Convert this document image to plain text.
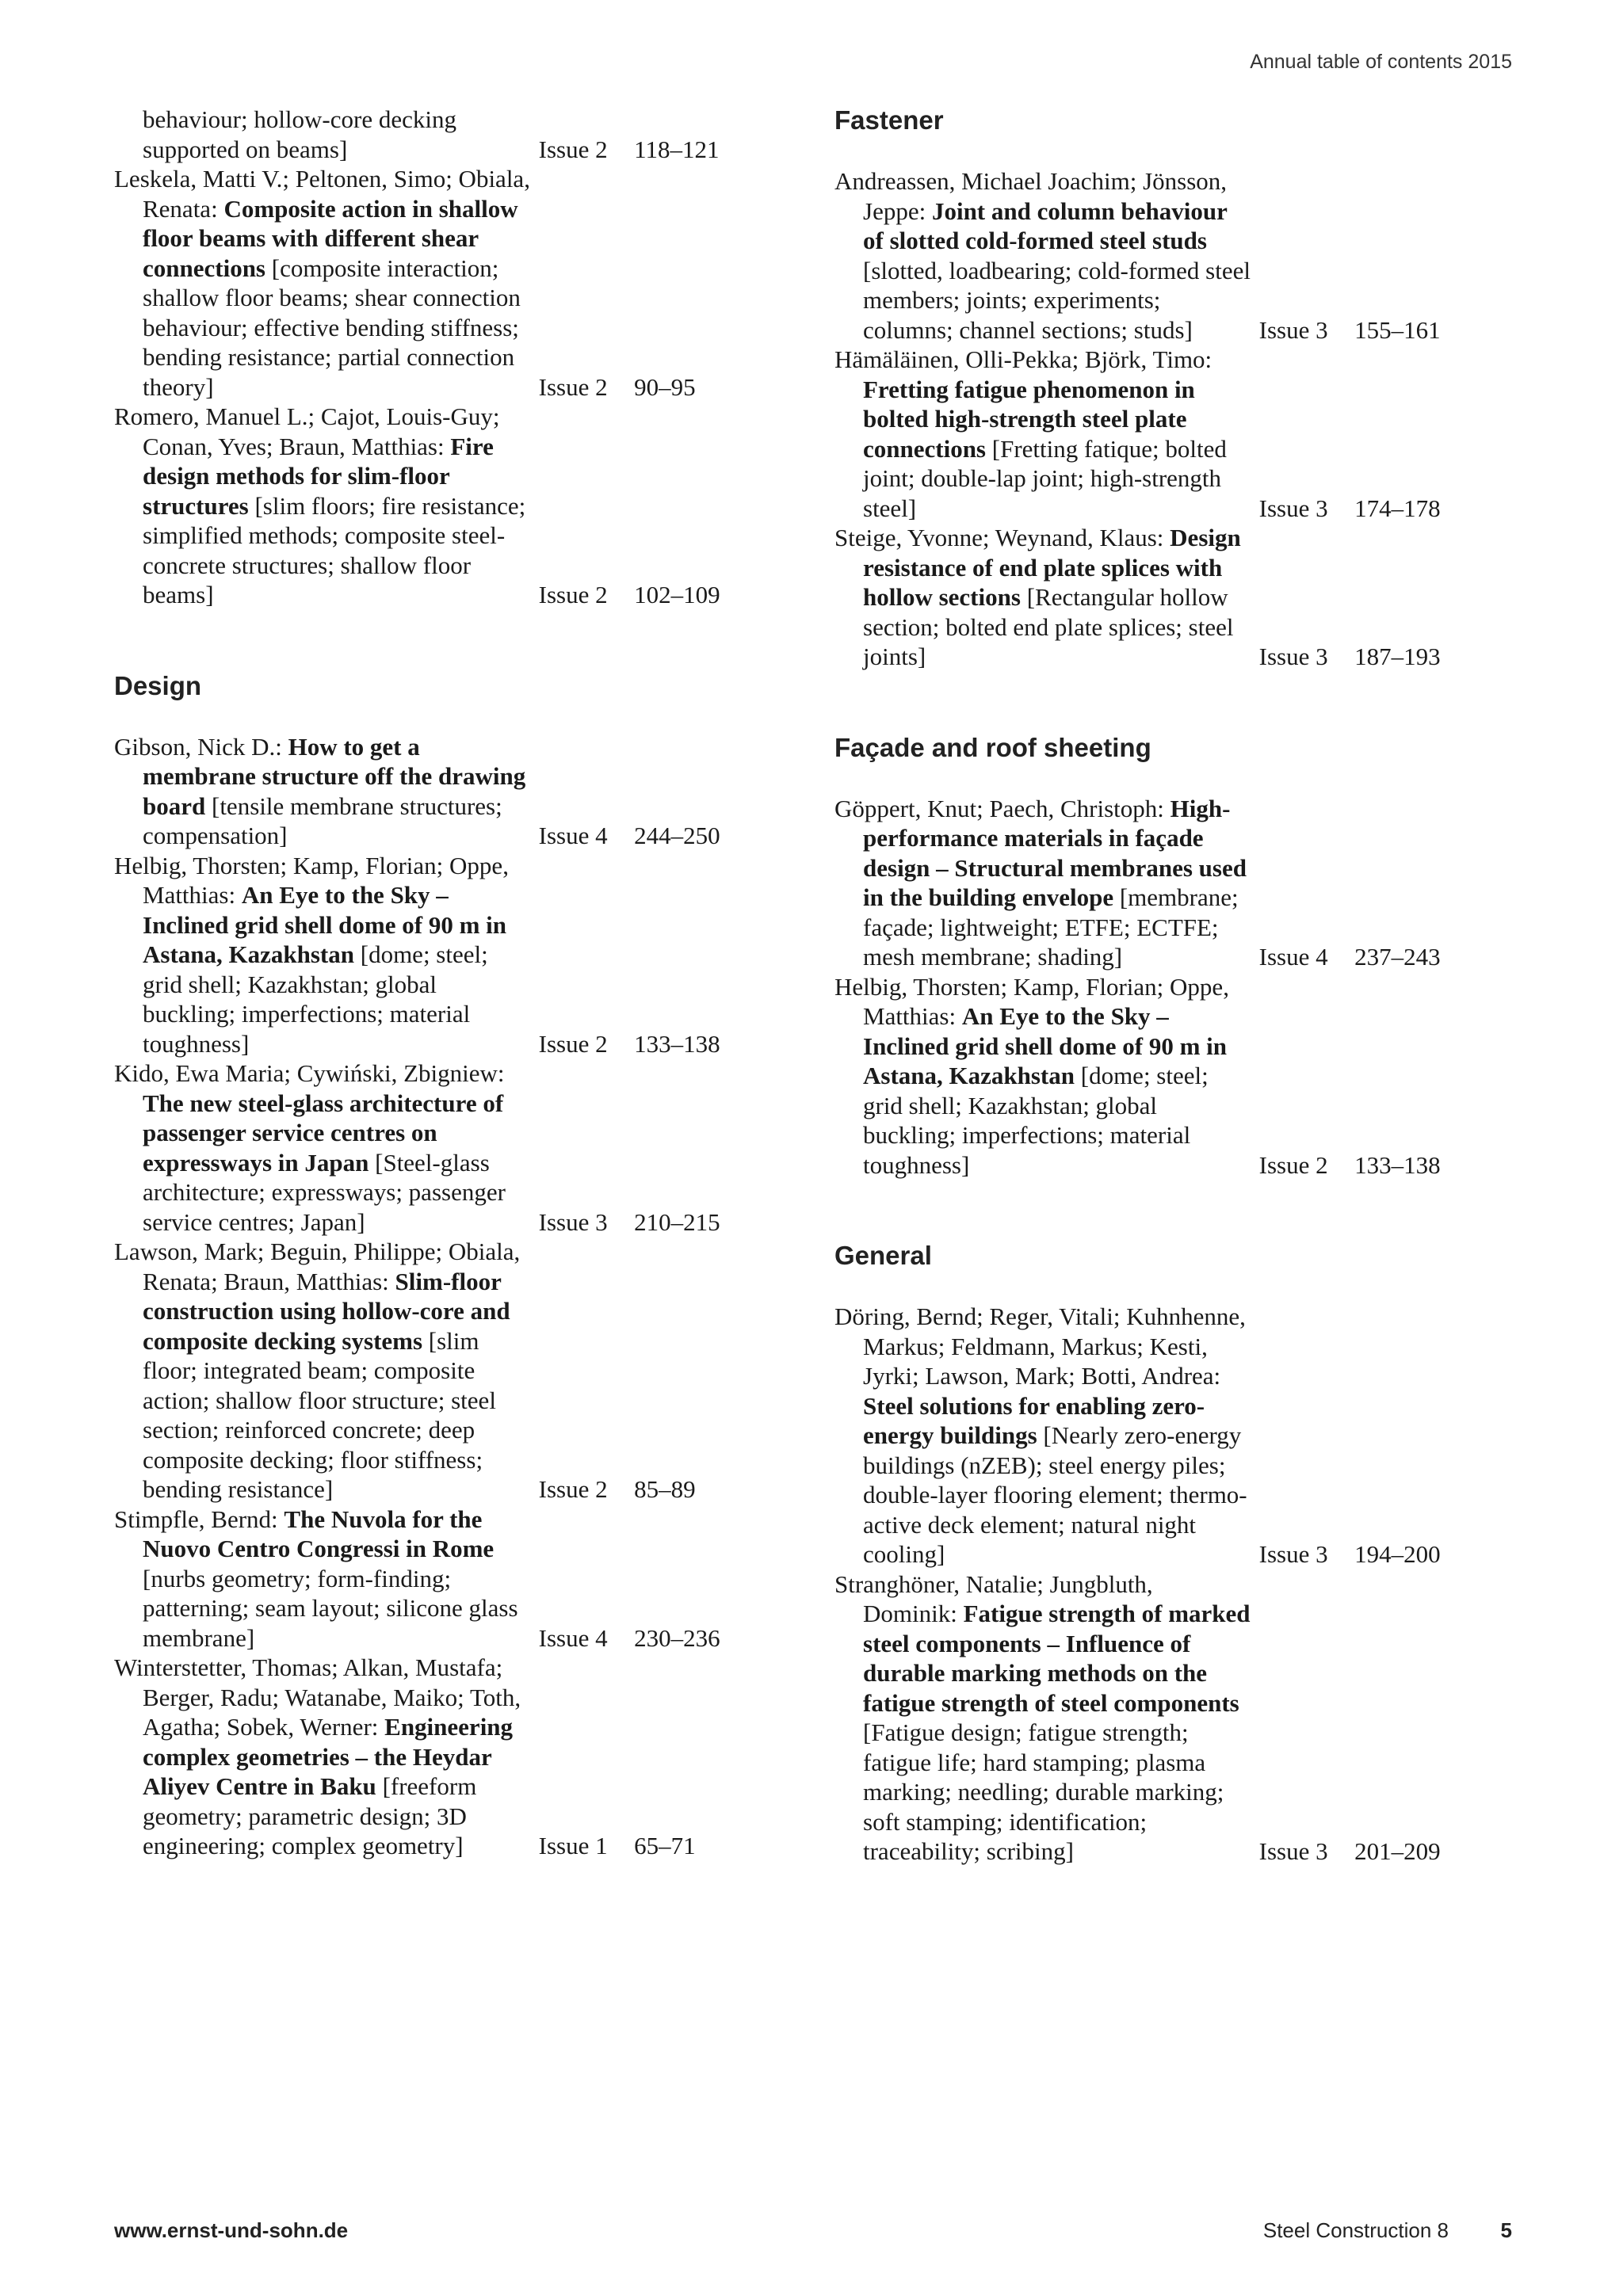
Annual table of contents 2015
behaviour; hollow-core decking supported on beams]	Issue 2	118–121
Leskela, Matti V.; Peltonen, Simo; Obiala, Renata: Composite action in shallow floor beams with different shear connections [composite interaction; shallow floor beams; shear connection behaviour; effective bending stiffness; bending resistance; partial connection theory]	Issue 2	90–95
Romero, Manuel L.; Cajot, Louis-Guy; Conan, Yves; Braun, Matthias: Fire design methods for slim-floor structures [slim floors; fire resistance; simplified methods; composite steel-concrete structures; shallow floor beams]	Issue 2	102–109
Design
Gibson, Nick D.: How to get a membrane structure off the drawing board [tensile membrane structures; compensation]	Issue 4	244–250
Helbig, Thorsten; Kamp, Florian; Oppe, Matthias: An Eye to the Sky – Inclined grid shell dome of 90 m in Astana, Kazakhstan [dome; steel; grid shell; Kazakhstan; global buckling; imperfections; material toughness]	Issue 2	133–138
Kido, Ewa Maria; Cywiński, Zbigniew: The new steel-glass architecture of passenger service centres on expressways in Japan [Steel-glass architecture; expressways; passenger service centres; Japan]	Issue 3	210–215
Lawson, Mark; Beguin, Philippe; Obiala, Renata; Braun, Matthias: Slim-floor construction using hollow-core and composite decking systems [slim floor; integrated beam; composite action; shallow floor structure; steel section; reinforced concrete; deep composite decking; floor stiffness; bending resistance]	Issue 2	85–89
Stimpfle, Bernd: The Nuvola for the Nuovo Centro Congressi in Rome [nurbs geometry; form-finding; patterning; seam layout; silicone glass membrane]	Issue 4	230–236
Winterstetter, Thomas; Alkan, Mustafa; Berger, Radu; Watanabe, Maiko; Toth, Agatha; Sobek, Werner: Engineering complex geometries – the Heydar Aliyev Centre in Baku [freeform geometry; parametric design; 3D engineering; complex geometry]	Issue 1	65–71
Fastener
Andreassen, Michael Joachim; Jönsson, Jeppe: Joint and column behaviour of slotted cold-formed steel studs [slotted, loadbearing; cold-formed steel members; joints; experiments; columns; channel sections; studs]	Issue 3	155–161
Hämäläinen, Olli-Pekka; Björk, Timo: Fretting fatigue phenomenon in bolted high-strength steel plate connections [Fretting fatique; bolted joint; double-lap joint; high-strength steel]	Issue 3	174–178
Steige, Yvonne; Weynand, Klaus: Design resistance of end plate splices with hollow sections [Rectangular hollow section; bolted end plate splices; steel joints]	Issue 3	187–193
Façade and roof sheeting
Göppert, Knut; Paech, Christoph: High-performance materials in façade design – Structural membranes used in the building envelope [membrane; façade; lightweight; ETFE; ECTFE; mesh membrane; shading]	Issue 4	237–243
Helbig, Thorsten; Kamp, Florian; Oppe, Matthias: An Eye to the Sky – Inclined grid shell dome of 90 m in Astana, Kazakhstan [dome; steel; grid shell; Kazakhstan; global buckling; imperfections; material toughness]	Issue 2	133–138
General
Döring, Bernd; Reger, Vitali; Kuhnhenne, Markus; Feldmann, Markus; Kesti, Jyrki; Lawson, Mark; Botti, Andrea: Steel solutions for enabling zero-energy buildings [Nearly zero-energy buildings (nZEB); steel energy piles; double-layer flooring element; thermo-active deck element; natural night cooling]	Issue 3	194–200
Stranghöner, Natalie; Jungbluth, Dominik: Fatigue strength of marked steel components – Influence of durable marking methods on the fatigue strength of steel components [Fatigue design; fatigue strength; fatigue life; hard stamping; plasma marking; needling; durable marking; soft stamping; identification; traceability; scribing]	Issue 3	201–209
www.ernst-und-sohn.de	Steel Construction 8	5
